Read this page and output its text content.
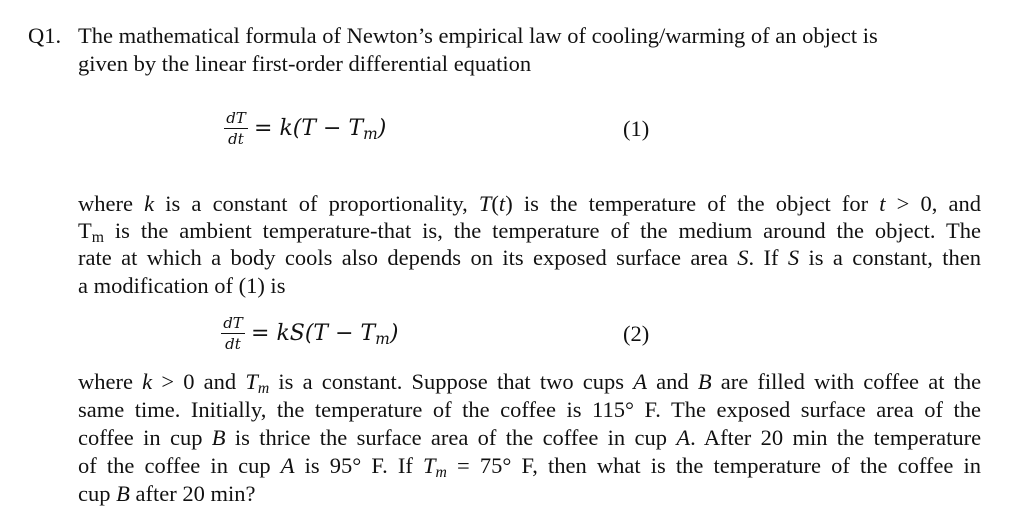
Q1. The mathematical formula of Newton’s empirical law of cooling/warming of an object is
given by the linear first-order differential equation
dT
dt = $k(T - T_m)$	(1)
where k is a constant of proportionality, T(t) is the temperature of the object for t > 0, and
$T_m$ is the ambient temperature-that is, the temperature of the medium around the object. The
rate at which a body cools also depends on its exposed surface area S. If S is a constant, then
a modification of (1) is
dT
dt = $kS(T - T_m)$	(2)
where k > 0 and $T_m$ is a constant. Suppose that two cups A and B are filled with coffee at the
same time. Initially, the temperature of the coffee is 115° F. The exposed surface area of the
coffee in cup B is thrice the surface area of the coffee in cup A. After 20 min the temperature
of the coffee in cup A is 95° F. If $T_m = 75^\circ$ F, then what is the temperature of the coffee in
cup B after 20 min?
